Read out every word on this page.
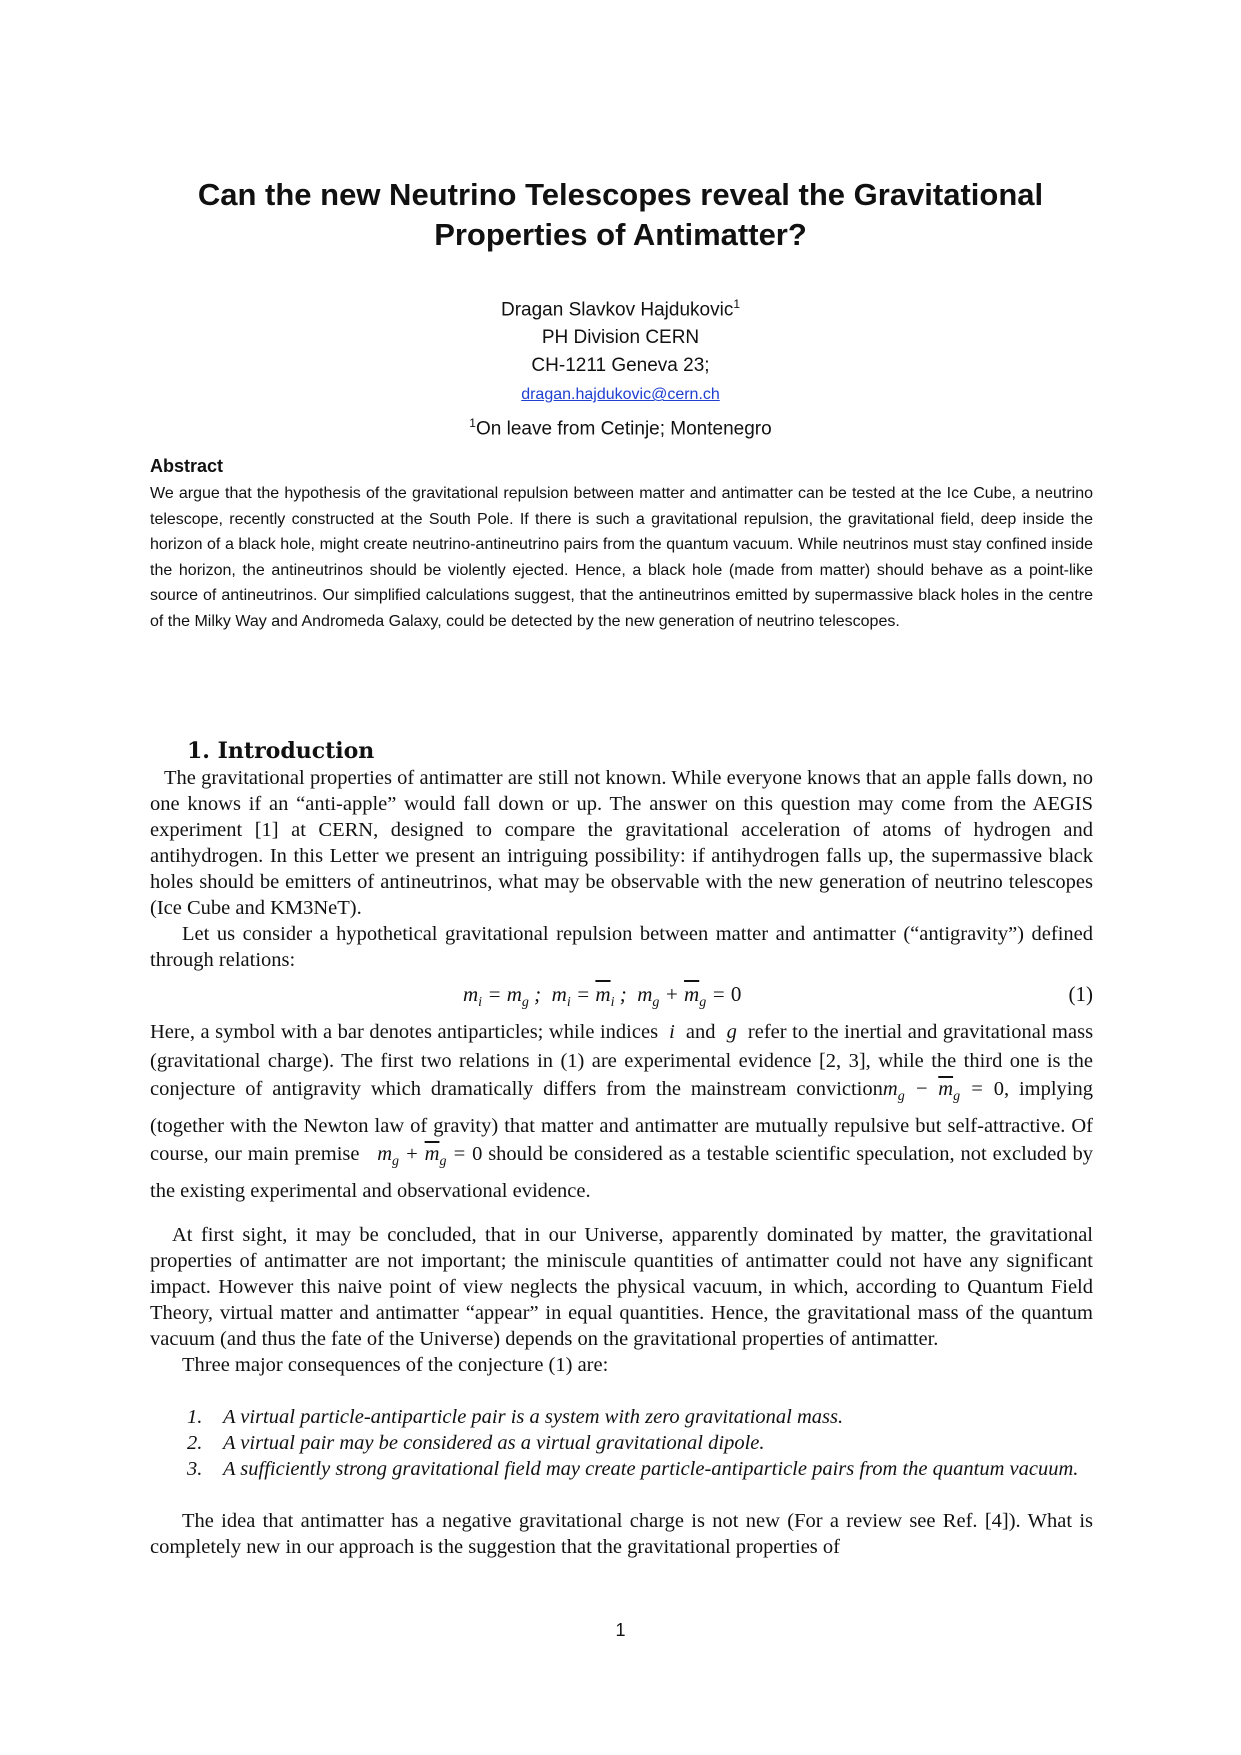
Can the new Neutrino Telescopes reveal the Gravitational
Properties of Antimatter?
Dragan Slavkov Hajdukovic$^1$
PH Division CERN
CH-1211 Geneva 23;
dragan.hajdukovic@cern.ch
$^1$On leave from Cetinje; Montenegro
Abstract
We argue that the hypothesis of the gravitational repulsion between matter and antimatter can be tested at the Ice Cube, a neutrino telescope, recently constructed at the South Pole. If there is such a gravitational repulsion, the gravitational field, deep inside the horizon of a black hole, might create neutrino-antineutrino pairs from the quantum vacuum. While neutrinos must stay confined inside the horizon, the antineutrinos should be violently ejected. Hence, a black hole (made from matter) should behave as a point-like source of antineutrinos. Our simplified calculations suggest, that the antineutrinos emitted by supermassive black holes in the centre of the Milky Way and Andromeda Galaxy, could be detected by the new generation of neutrino telescopes.
1. Introduction

The gravitational properties of antimatter are still not known. While everyone knows that an apple falls down, no one knows if an “anti-apple” would fall down or up. The answer on this question may come from the AEGIS experiment [1] at CERN, designed to compare the gravitational acceleration of atoms of hydrogen and antihydrogen. In this Letter we present an intriguing possibility: if antihydrogen falls up, the supermassive black holes should be emitters of antineutrinos, what may be observable with the new generation of neutrino telescopes (Ice Cube and KM3NeT).

Let us consider a hypothetical gravitational repulsion between matter and antimatter (“antigravity”) defined through relations:

$m_i = m_g$ ;  $m_i = \overline{m}_i$ ;  $m_g + \overline{m}_g = 0$	(1)

Here, a symbol with a bar denotes antiparticles; while indices i and g refer to the inertial and gravitational mass (gravitational charge). The first two relations in (1) are experimental evidence [2, 3], while the third one is the conjecture of antigravity which dramatically differs from the mainstream convictionm$_g$ − $\overline{m}_g = 0$, implying (together with the Newton law of gravity) that matter and antimatter are mutually repulsive but self-attractive. Of course, our main premise $m_g + \overline{m}_g = 0$ should be considered as a testable scientific speculation, not excluded by the existing experimental and observational evidence.

At first sight, it may be concluded, that in our Universe, apparently dominated by matter, the gravitational properties of antimatter are not important; the miniscule quantities of antimatter could not have any significant impact. However this naive point of view neglects the physical vacuum, in which, according to Quantum Field Theory, virtual matter and antimatter “appear” in equal quantities. Hence, the gravitational mass of the quantum vacuum (and thus the fate of the Universe) depends on the gravitational properties of antimatter.

Three major consequences of the conjecture (1) are:

1. A virtual particle-antiparticle pair is a system with zero gravitational mass.
2. A virtual pair may be considered as a virtual gravitational dipole.
3. A sufficiently strong gravitational field may create particle-antiparticle pairs from the quantum vacuum.

The idea that antimatter has a negative gravitational charge is not new (For a review see Ref. [4]). What is completely new in our approach is the suggestion that the gravitational properties of

1
